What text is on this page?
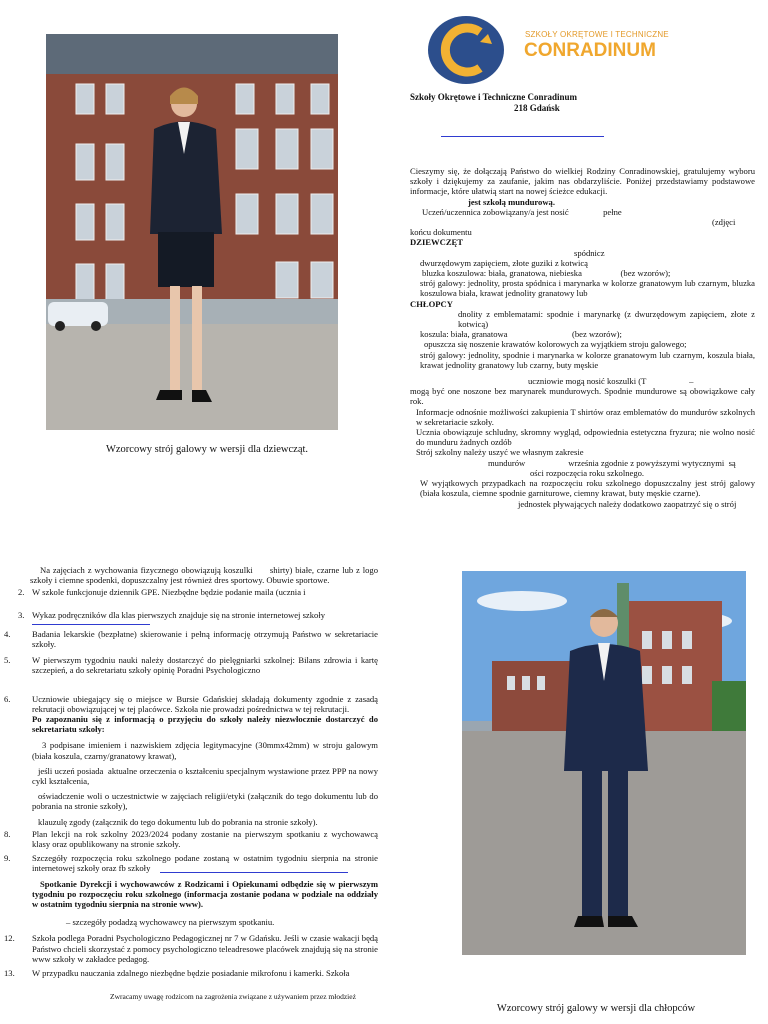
Wzorcowy strój galowy w wersji dla dziewcząt.
SZKOŁY OKRĘTOWE I TECHNICZNE
CONRADINUM
Szkoły Okrętowe i Techniczne Conradinum
218 Gdańsk

Cieszymy się, że dołączają Państwo do wielkiej Rodziny Conradinowskiej, gratulujemy wyboru szkoły i dziękujemy za zaufanie, jakim nas obdarzyliście. Poniżej przedstawiamy podstawowe informacje, które ułatwią start na nowej ścieżce edukacji.

jest szkołą mundurową.

Uczeń/uczennica zobowiązany/a jest nosić                pełne

(zdjęci

końcu dokumentu

DZIEWCZĘT

spódnicz

dwurzędowym zapięciem, złote guziki z kotwicą

bluzka koszulowa: biała, granatowa, niebieska                  (bez wzorów);

strój galowy: jednolity, prosta spódnica i marynarka w kolorze granatowym lub czarnym, bluzka koszulowa biała, krawat jednolity granatowy lub

CHŁOPCY

dnolity z emblematami: spodnie i marynarkę (z dwurzędowym zapięciem, złote z kotwicą)

koszula: biała, granatowa                              (bez wzorów);

opuszcza się noszenie krawatów kolorowych za wyjątkiem stroju galowego;

strój galowy: jednolity, spodnie i marynarka w kolorze granatowym lub czarnym, koszula biała, krawat jednolity granatowy lub czarny, buty męskie

uczniowie mogą nosić koszulki (T                    –

mogą być one noszone bez marynarek mundurowych. Spodnie mundurowe są obowiązkowe cały rok.

Informacje odnośnie możliwości zakupienia T shirtów oraz emblematów do mundurów szkolnych w sekretariacie szkoły.

Ucznia obowiązuje schludny, skromny wygląd, odpowiednia estetyczna fryzura; nie wolno nosić do munduru żadnych ozdób

Strój szkolny należy uszyć we własnym zakresie

mundurów                    września zgodnie z powyższymi wytycznymi  są

ości rozpoczęcia roku szkolnego.

W wyjątkowych przypadkach na rozpoczęciu roku szkolnego dopuszczalny jest strój galowy (biała koszula, ciemne spodnie garniturowe, ciemny krawat, buty męskie czarne).

jednostek pływających należy dodatkowo zaopatrzyć się o strój

Na zajęciach z wychowania fizycznego obowiązują koszulki      shirty) białe, czarne lub z logo szkoły i ciemne spodenki, dopuszczalny jest również dres sportowy. Obuwie sportowe.

2. W szkole funkcjonuje dziennik GPE. Niezbędne będzie podanie maila (ucznia i

3. Wykaz podręczników dla klas pierwszych znajduje się na stronie internetowej szkoły

4.	Badania lekarskie (bezpłatne) skierowanie i pełną informację otrzymują Państwo w sekretariacie szkoły.

5.	W pierwszym tygodniu nauki należy dostarczyć do pielęgniarki szkolnej: Bilans zdrowia i kartę szczepień, a do sekretariatu szkoły opinię Poradni Psychologiczno

6.	Uczniowie ubiegający się o miejsce w Bursie Gdańskiej składają dokumenty zgodnie z zasadą rekrutacji obowiązującej w tej placówce. Szkoła nie prowadzi pośrednictwa w tej rekrutacji.

Po zapoznaniu się z informacją o przyjęciu do szkoły należy niezwłocznie dostarczyć do sekretariatu szkoły:

3 podpisane imieniem i nazwiskiem zdjęcia legitymacyjne (30mmx42mm) w stroju galowym (biała koszula, czarny/granatowy krawat),

jeśli uczeń posiada  aktualne orzeczenia o kształceniu specjalnym wystawione przez PPP na nowy cykl kształcenia,

oświadczenie woli o uczestnictwie w zajęciach religii/etyki (załącznik do tego dokumentu lub do pobrania na stronie szkoły),

klauzulę zgody (załącznik do tego dokumentu lub do pobrania na stronie szkoły).

8.	Plan lekcji na rok szkolny 2023/2024 podany zostanie na pierwszym spotkaniu z wychowawcą klasy oraz opublikowany na stronie szkoły.

9.	Szczegóły rozpoczęcia roku szkolnego podane zostaną w ostatnim tygodniu sierpnia na stronie internetowej szkoły oraz fb szkoły

Spotkanie Dyrekcji i wychowawców z Rodzicami i Opiekunami odbędzie się w pierwszym tygodniu po rozpoczęciu roku szkolnego (informacja zostanie podana w podziale na oddziały w ostatnim tygodniu sierpnia na stronie www).

– szczegóły podadzą wychowawcy na pierwszym spotkaniu.

12. Szkoła podlega Poradni Psychologiczno Pedagogicznej nr 7 w Gdańsku. Jeśli w czasie wakacji będą Państwo chcieli skorzystać z pomocy psychologiczno teleadresowe placówek znajdują się na stronie www szkoły w zakładce pedagog.

13. W przypadku nauczania zdalnego niezbędne będzie posiadanie mikrofonu i kamerki. Szkoła

Zwracamy uwagę rodzicom na zagrożenia związane z używaniem przez młodzież

Wzorcowy strój galowy w wersji dla chłopców
